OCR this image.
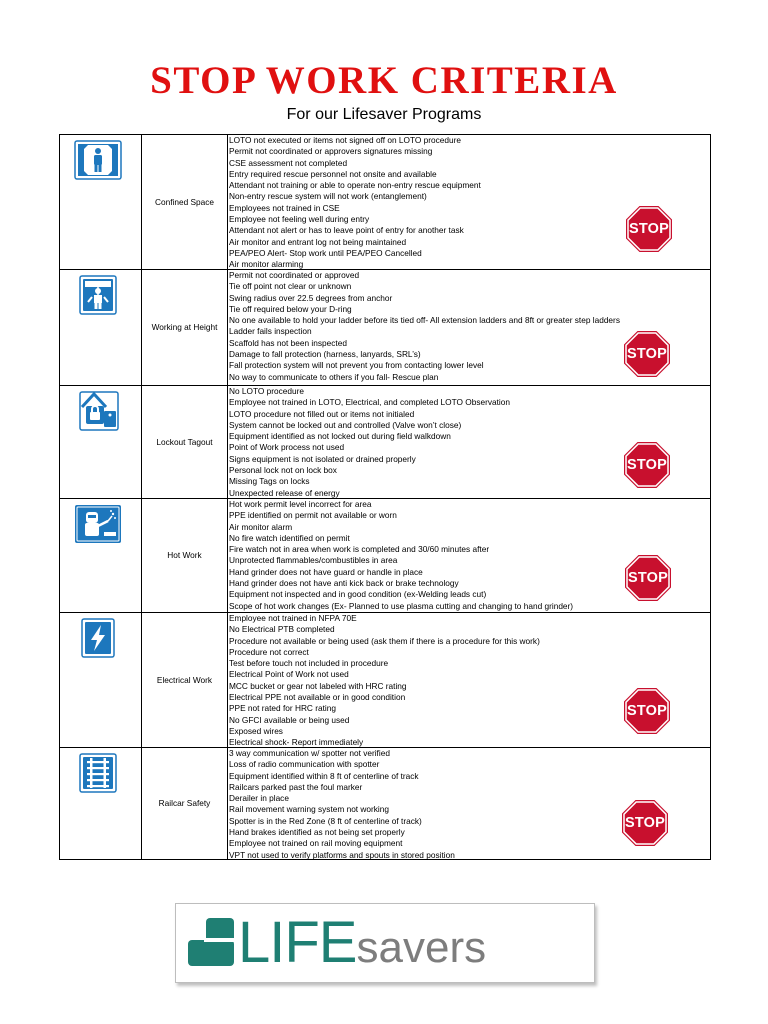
STOP WORK CRITERIA
For our Lifesaver Programs
Confined Space
LOTO not executed or items not signed off on LOTO procedure
Permit not coordinated or approvers signatures missing
CSE assessment not completed
Entry required rescue personnel not onsite and available
Attendant not training or able to operate non-entry rescue equipment
Non-entry rescue system will not work (entanglement)
Employees not trained in CSE
Employee not feeling well during entry
Attendant not alert or has to leave point of entry for another task
Air monitor and entrant log not being maintained
PEA/PEO Alert- Stop work until PEA/PEO Cancelled
Air monitor alarming
STOP
Working at Height
Permit not coordinated or approved
Tie off point not clear or unknown
Swing radius over 22.5 degrees from anchor
Tie off required below your D-ring
No one available to hold your ladder before its tied off- All extension ladders and 8ft or greater step ladders
Ladder fails inspection
Scaffold has not been inspected
Damage to fall protection (harness, lanyards, SRL’s)
Fall protection system will not prevent you from contacting lower level
No way to communicate to others if you fall- Rescue plan
STOP
Lockout Tagout
No LOTO procedure
Employee not trained in LOTO, Electrical, and completed LOTO Observation
LOTO procedure not filled out or items not initialed
System cannot be locked out and controlled (Valve won’t close)
Equipment identified as not locked out during field walkdown
Point of Work process not used
Signs equipment is not isolated or drained properly
Personal lock not on lock box
Missing Tags on locks
Unexpected release of energy
STOP
Hot Work
Hot work permit level incorrect for area
PPE identified on permit not available or worn
Air monitor alarm
No fire watch identified on permit
Fire watch not in area when work is completed and 30/60 minutes after
Unprotected flammables/combustibles in area
Hand grinder does not have guard or handle in place
Hand grinder does not have anti kick back or brake technology
Equipment not inspected and in good condition (ex-Welding leads cut)
Scope of hot work changes (Ex- Planned to use plasma cutting and changing to hand grinder)
STOP
Electrical Work
Employee not trained in NFPA 70E
No Electrical PTB completed
Procedure not available or being used (ask them if there is a procedure for this work)
Procedure not correct
Test before touch not included in procedure
Electrical Point of Work not used
MCC bucket or gear not labeled with HRC rating
Electrical PPE not available or in good condition
PPE not rated for HRC rating
No GFCI available or being used
Exposed wires
Electrical shock- Report immediately
STOP
Railcar Safety
3 way communication w/ spotter not verified
Loss of radio communication with spotter
Equipment identified within 8 ft of centerline of track
Railcars parked past the foul marker
Derailer in place
Rail movement warning system not working
Spotter is in the Red Zone (8 ft of centerline of track)
Hand brakes identified as not being set properly
Employee not trained on rail moving equipment
VPT not used to verify platforms and spouts in stored position
STOP
LIFEsavers
